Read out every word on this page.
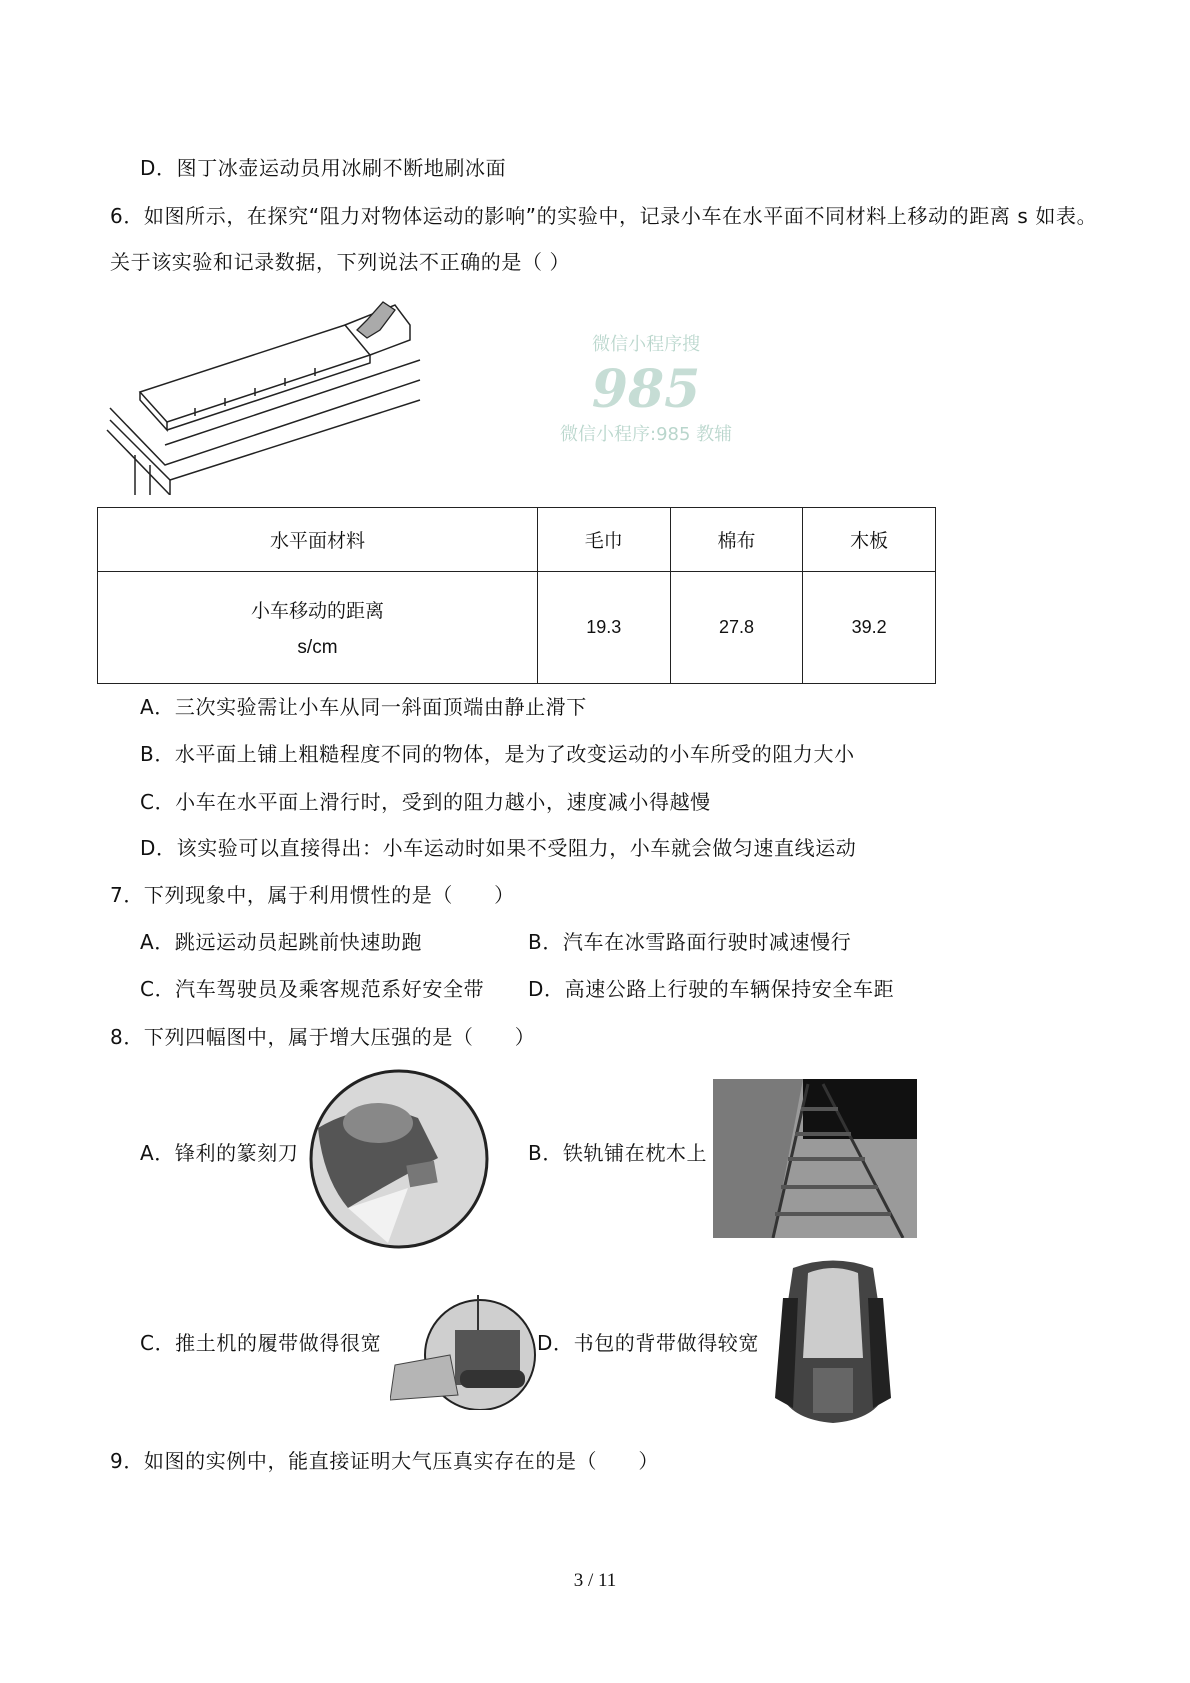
D．图丁冰壶运动员用冰刷不断地刷冰面
6．如图所示，在探究“阻力对物体运动的影响”的实验中，记录小车在水平面不同材料上移动的距离 s 如表。
关于该实验和记录数据，下列说法不正确的是（ ）
微信小程序搜
985
微信小程序:985 教辅
水平面材料	毛巾	棉布	木板
小车移动的距离
s/cm	19.3	27.8	39.2
A．三次实验需让小车从同一斜面顶端由静止滑下
B．水平面上铺上粗糙程度不同的物体，是为了改变运动的小车所受的阻力大小
C．小车在水平面上滑行时，受到的阻力越小，速度减小得越慢
D．该实验可以直接得出：小车运动时如果不受阻力，小车就会做匀速直线运动
7．下列现象中，属于利用惯性的是（　　）
A．跳远运动员起跳前快速助跑	B．汽车在冰雪路面行驶时减速慢行
C．汽车驾驶员及乘客规范系好安全带 D．高速公路上行驶的车辆保持安全车距
8．下列四幅图中，属于增大压强的是（　　）
A．锋利的篆刻刀	B．铁轨铺在枕木上
C．推土机的履带做得很宽	D．书包的背带做得较宽
9．如图的实例中，能直接证明大气压真实存在的是（　　）
3 / 11
